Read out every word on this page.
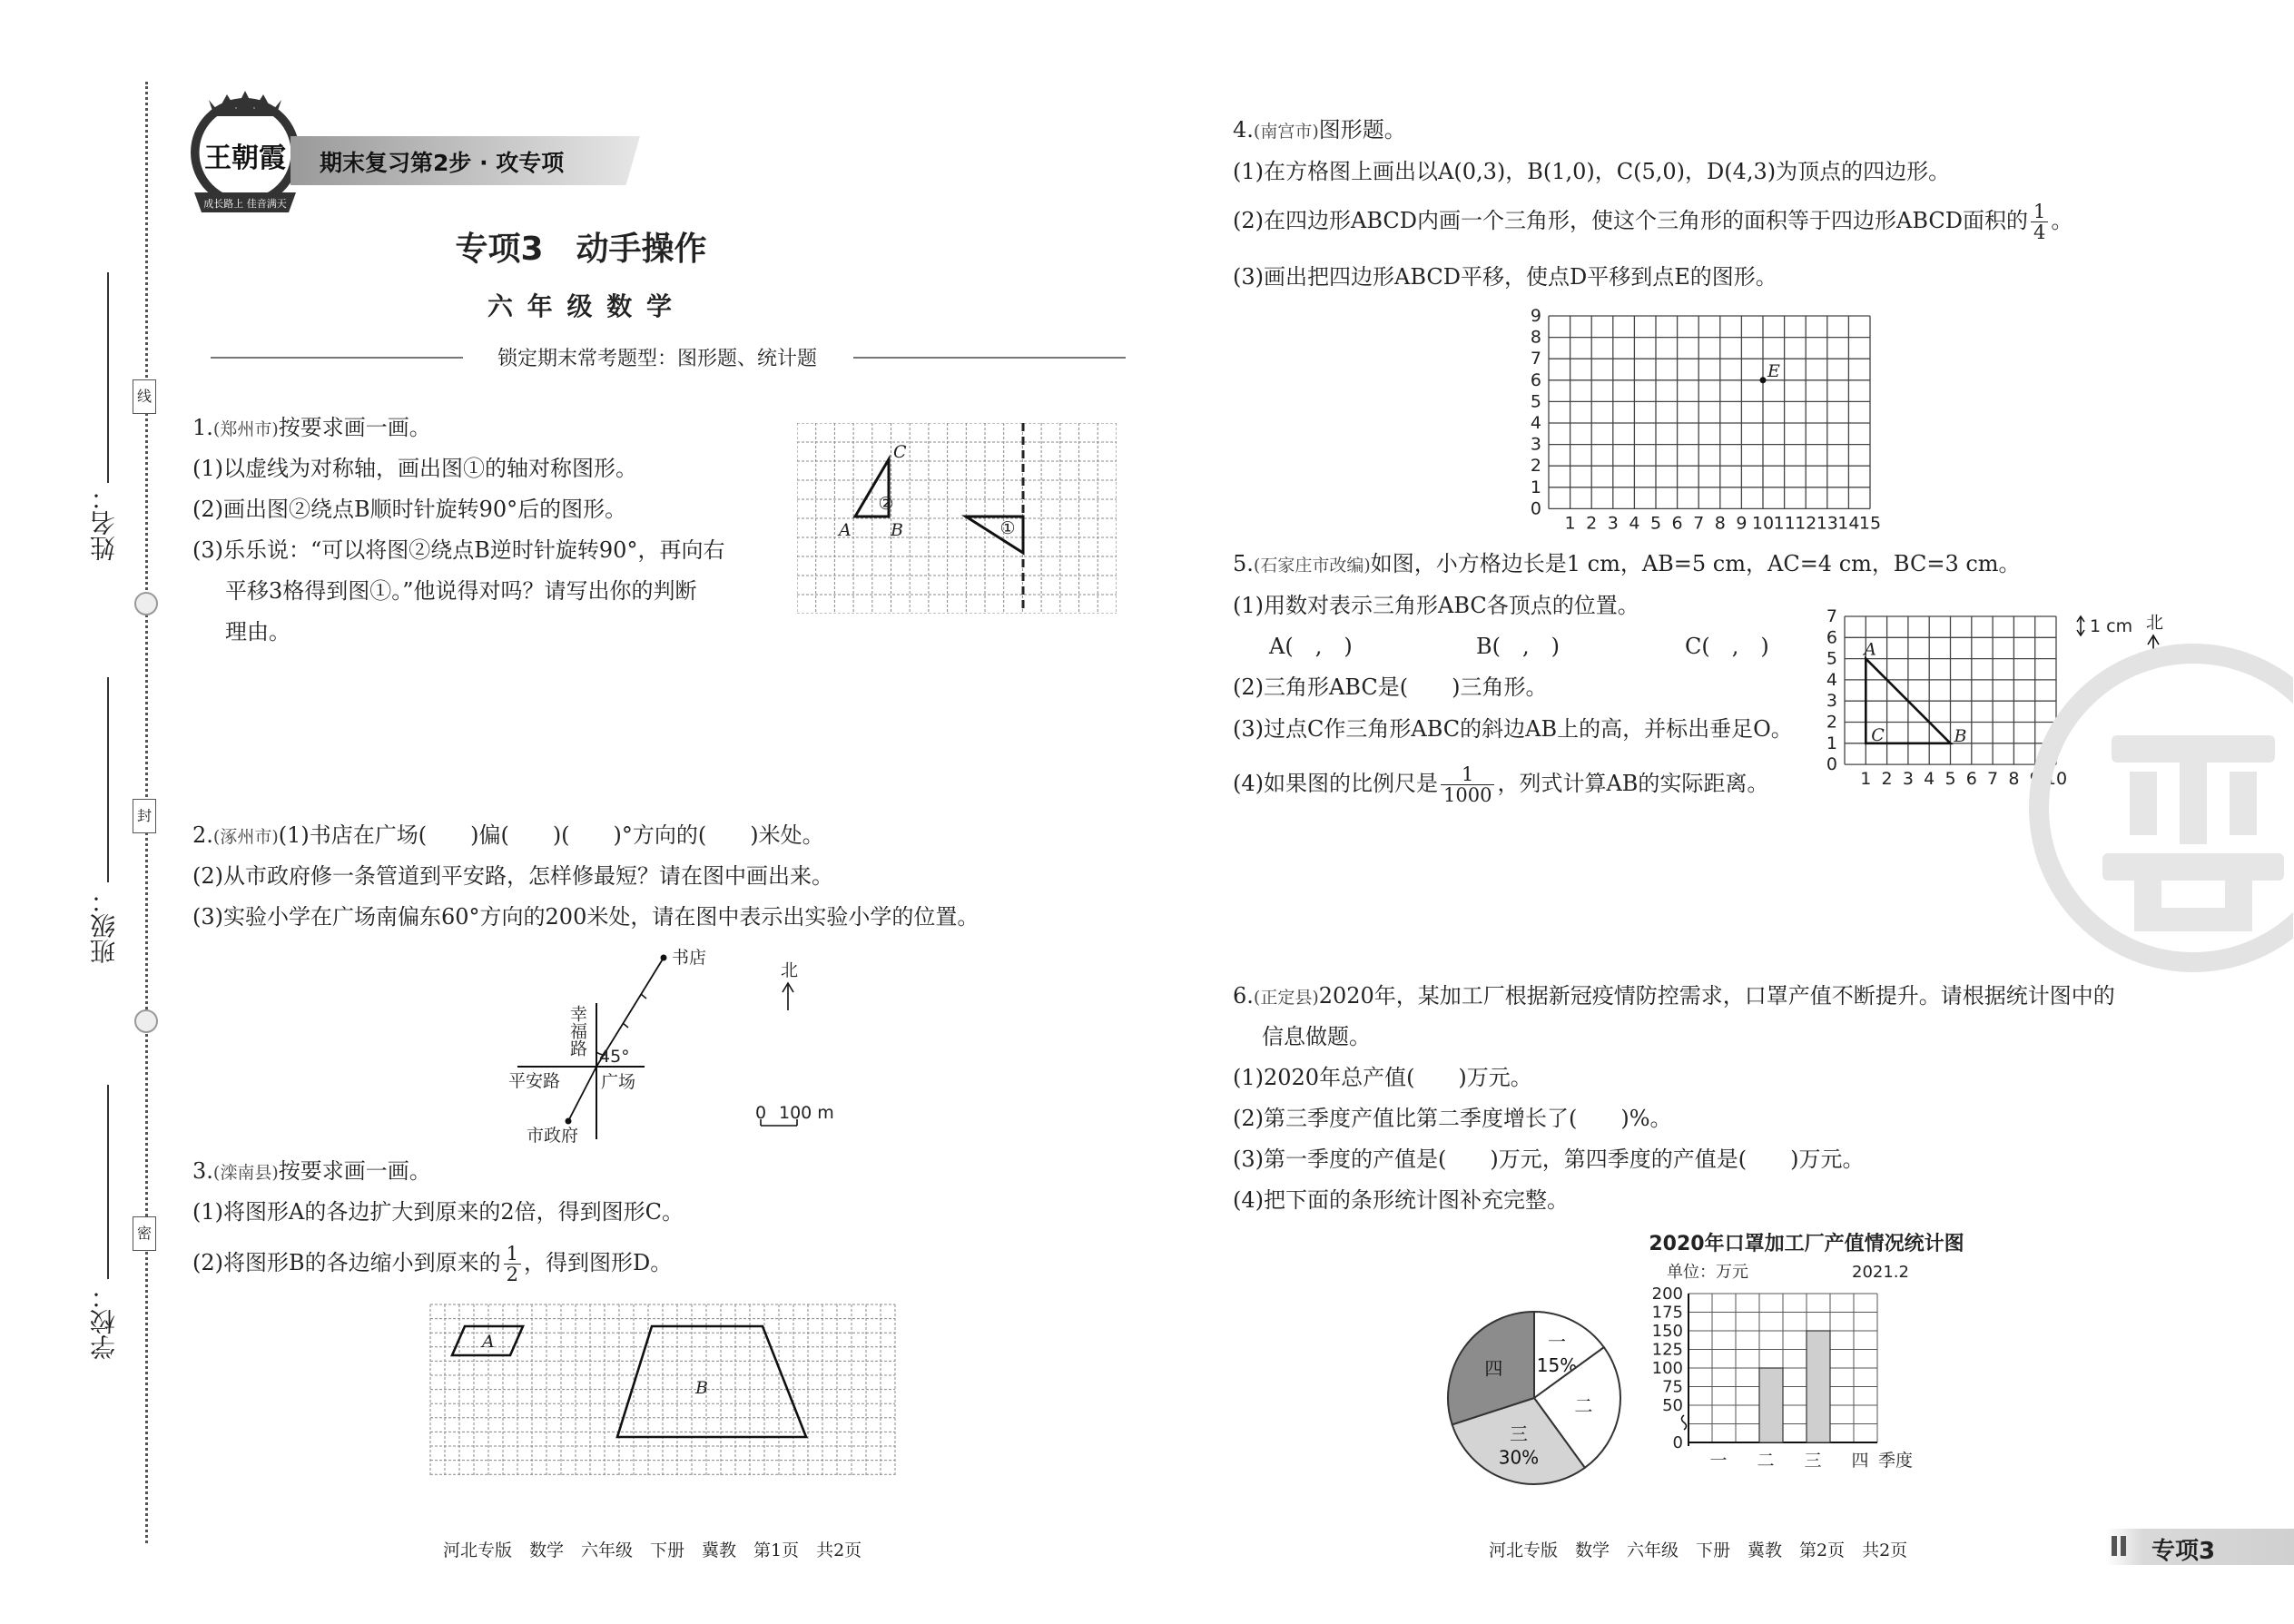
线
封
密
姓名：
班级：
学校：
王朝霞
成长路上 佳音满天
期末复习第2步 · 攻专项
专项3　动手操作
六 年 级 数 学
锁定期末常考题型：图形题、统计题
1.(郑州市)按要求画一画。
(1)以虚线为对称轴，画出图①的轴对称图形。
(2)画出图②绕点B顺时针旋转90°后的图形。
(3)乐乐说：“可以将图②绕点B逆时针旋转90°，再向右
平移3格得到图①。”他说得对吗？请写出你的判断
理由。
C
A B
②
①
2.(涿州市)(1)书店在广场(　　)偏(　　)(　　)°方向的(　　)米处。
(2)从市政府修一条管道到平安路，怎样修最短？请在图中画出来。
(3)实验小学在广场南偏东60°方向的200米处，请在图中表示出实验小学的位置。
书店
45°
平安路 广场
市政府
幸福路
北
0 100 m
3.(滦南县)按要求画一画。
(1)将图形A的各边扩大到原来的2倍，得到图形C。
(2)将图形B的各边缩小到原来的 $\frac{1}{2}$ ，得到图形D。
A
B
4.(南宫市)图形题。
(1)在方格图上画出以A(0,3)，B(1,0)，C(5,0)，D(4,3)为顶点的四边形。
(2)在四边形ABCD内画一个三角形，使这个三角形的面积等于四边形ABCD面积的 $\frac{1}{4}$ 。
(3)画出把四边形ABCD平移，使点D平移到点E的图形。
0
1
2
3
4
5
6
7
8
9
1 2 3 4 5 6 7 8 9 10 11 12 13 14 15
E
5.(石家庄市改编)如图，小方格边长是1 cm，AB=5 cm，AC=4 cm，BC=3 cm。
(1)用数对表示三角形ABC各顶点的位置。
A(　,　)	B(　,　)	C(　,　)
(2)三角形ABC是(　　)三角形。
(3)过点C作三角形ABC的斜边AB上的高，并标出垂足O。
(4)如果图的比例尺是 $\frac{1}{1000}$ ，列式计算AB的实际距离。
0
1
2
3
4
5
6
7
1 2 3 4 5 6 7 8 9 10
A
B
C
1 cm 北
6.(正定县)2020年，某加工厂根据新冠疫情防控需求，口罩产值不断提升。请根据统计图中的
信息做题。
(1)2020年总产值(　　)万元。
(2)第三季度产值比第二季度增长了(　　)%。
(3)第一季度的产值是(　　)万元，第四季度的产值是(　　)万元。
(4)把下面的条形统计图补充完整。
2020年口罩加工厂产值情况统计图
一
15%
二
三
30%
四
单位：万元	2021.2
0
50
75
100
125
150
175
200
一 二 三 四 季度
河北专版　数学　六年级　下册　冀教　第1页　共2页	河北专版　数学　六年级　下册　冀教　第2页　共2页	专项3
